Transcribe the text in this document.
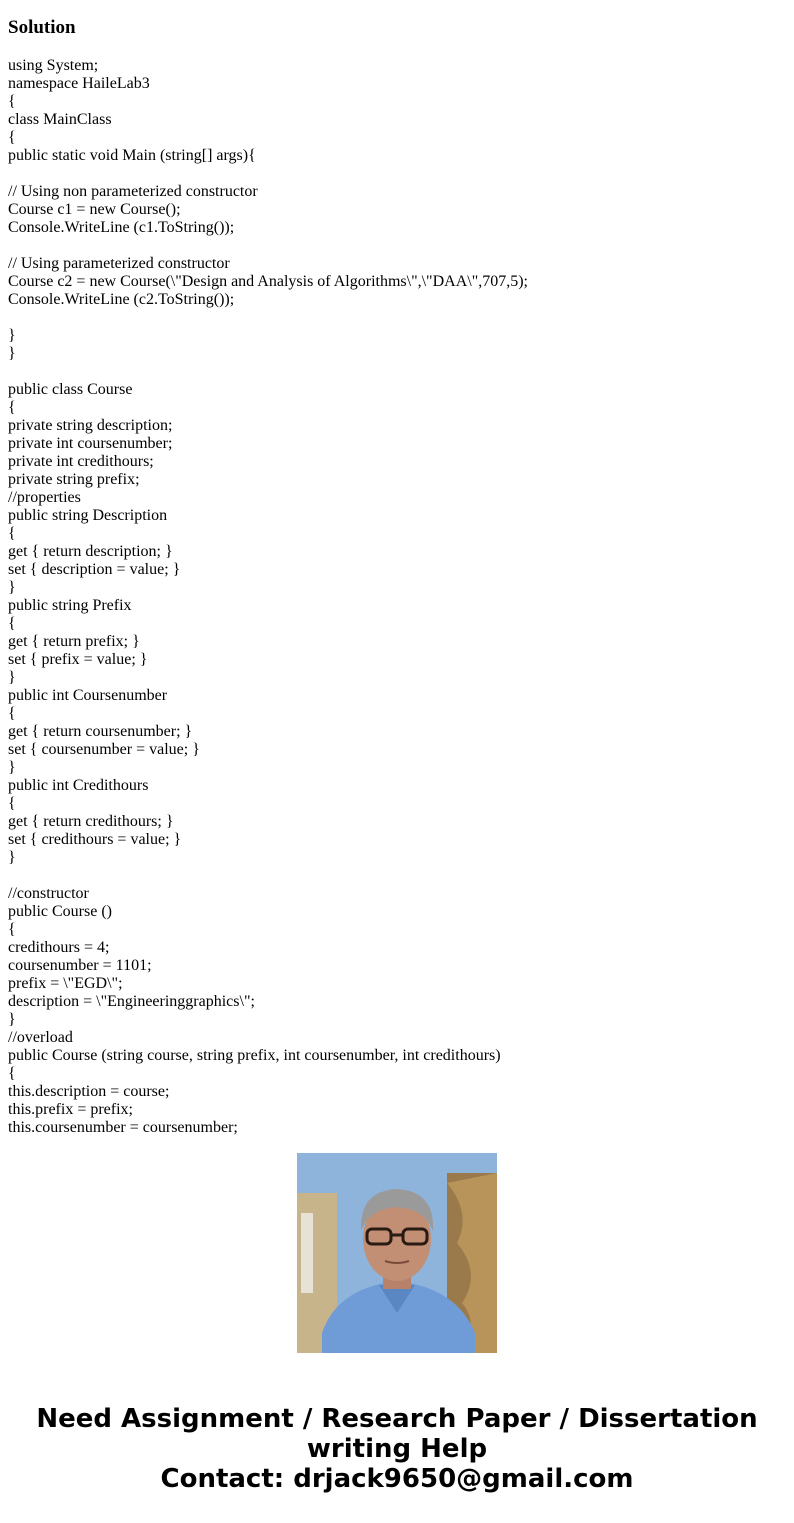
Solution
using System;
namespace HaileLab3
{
class MainClass
{
public static void Main (string[] args){
// Using non parameterized constructor
Course c1 = new Course();
Console.WriteLine (c1.ToString());
// Using parameterized constructor
Course c2 = new Course(\"Design and Analysis of Algorithms\",\"DAA\",707,5);
Console.WriteLine (c2.ToString());
}
}
public class Course
{
private string description;
private int coursenumber;
private int credithours;
private string prefix;
//properties
public string Description
{
get { return description; }
set { description = value; }
}
public string Prefix
{
get { return prefix; }
set { prefix = value; }
}
public int Coursenumber
{
get { return coursenumber; }
set { coursenumber = value; }
}
public int Credithours
{
get { return credithours; }
set { credithours = value; }
}
//constructor
public Course ()
{
credithours = 4;
coursenumber = 1101;
prefix = \"EGD\";
description = \"Engineeringgraphics\";
}
//overload
public Course (string course, string prefix, int coursenumber, int credithours)
{
this.description = course;
this.prefix = prefix;
this.coursenumber = coursenumber;
Need Assignment / Research Paper / Dissertation
writing Help
Contact: drjack9650@gmail.com
